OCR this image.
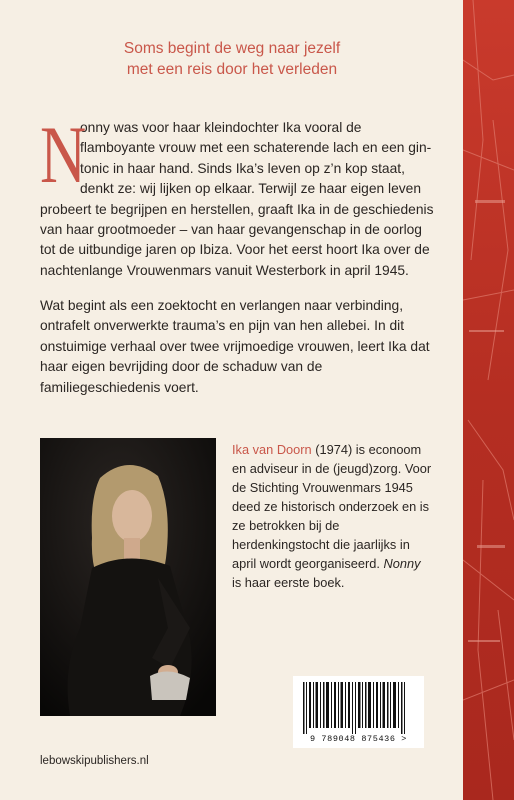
Soms begint de weg naar jezelf
met een reis door het verleden
N
onny was voor haar kleindochter Ika vooral de flamboyante vrouw met een schaterende lach en een gin-tonic in haar hand. Sinds Ika’s leven op z’n kop staat, denkt ze: wij lijken op elkaar. Terwijl ze haar eigen leven probeert te begrijpen en herstellen, graaft Ika in de geschiedenis van haar grootmoeder – van haar gevangenschap in de oorlog tot de uitbundige jaren op Ibiza. Voor het eerst hoort Ika over de nachtenlange Vrouwenmars vanuit Westerbork in april 1945.
Wat begint als een zoektocht en verlangen naar verbinding, ontrafelt onverwerkte trauma’s en pijn van hen allebei. In dit onstuimige verhaal over twee vrijmoedige vrouwen, leert Ika dat haar eigen bevrijding door de schaduw van de familiegeschiedenis voert.
Ika van Doorn (1974) is econoom en adviseur in de (jeugd)zorg. Voor de Stichting Vrouwenmars 1945 deed ze historisch onderzoek en is ze betrokken bij de herdenkingstocht die jaarlijks in april wordt georganiseerd. Nonny is haar eerste boek.
9 789048 875436 >
lebowskipublishers.nl
